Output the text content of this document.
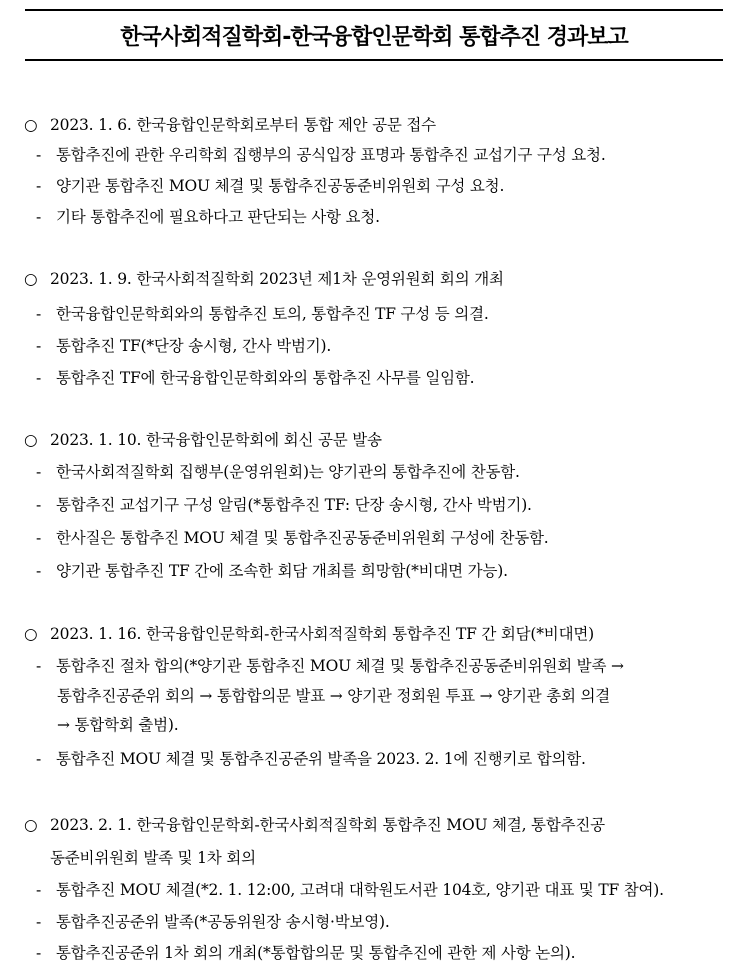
한국사회적질학회-한국융합인문학회 통합추진 경과보고
○ 2023. 1. 6. 한국융합인문학회로부터 통합 제안 공문 접수
- 통합추진에 관한 우리학회 집행부의 공식입장 표명과 통합추진 교섭기구 구성 요청.
- 양기관 통합추진 MOU 체결 및 통합추진공동준비위원회 구성 요청.
- 기타 통합추진에 필요하다고 판단되는 사항 요청.
○ 2023. 1. 9. 한국사회적질학회 2023년 제1차 운영위원회 회의 개최
- 한국융합인문학회와의 통합추진 토의, 통합추진 TF 구성 등 의결.
- 통합추진 TF(*단장 송시형, 간사 박범기).
- 통합추진 TF에 한국융합인문학회와의 통합추진 사무를 일임함.
○ 2023. 1. 10. 한국융합인문학회에 회신 공문 발송
- 한국사회적질학회 집행부(운영위원회)는 양기관의 통합추진에 찬동함.
- 통합추진 교섭기구 구성 알림(*통합추진 TF: 단장 송시형, 간사 박범기).
- 한사질은 통합추진 MOU 체결 및 통합추진공동준비위원회 구성에 찬동함.
- 양기관 통합추진 TF 간에 조속한 회담 개최를 희망함(*비대면 가능).
○ 2023. 1. 16. 한국융합인문학회-한국사회적질학회 통합추진 TF 간 회담(*비대면)
- 통합추진 절차 합의(*양기관 통합추진 MOU 체결 및 통합추진공동준비위원회 발족 →
통합추진공준위 회의 → 통합합의문 발표 → 양기관 정회원 투표 → 양기관 총회 의결
→ 통합학회 출범).
- 통합추진 MOU 체결 및 통합추진공준위 발족을 2023. 2. 1에 진행키로 합의함.
○ 2023. 2. 1. 한국융합인문학회-한국사회적질학회 통합추진 MOU 체결, 통합추진공
동준비위원회 발족 및 1차 회의
- 통합추진 MOU 체결(*2. 1. 12:00, 고려대 대학원도서관 104호, 양기관 대표 및 TF 참여).
- 통합추진공준위 발족(*공동위원장 송시형·박보영).
- 통합추진공준위 1차 회의 개최(*통합합의문 및 통합추진에 관한 제 사항 논의).
